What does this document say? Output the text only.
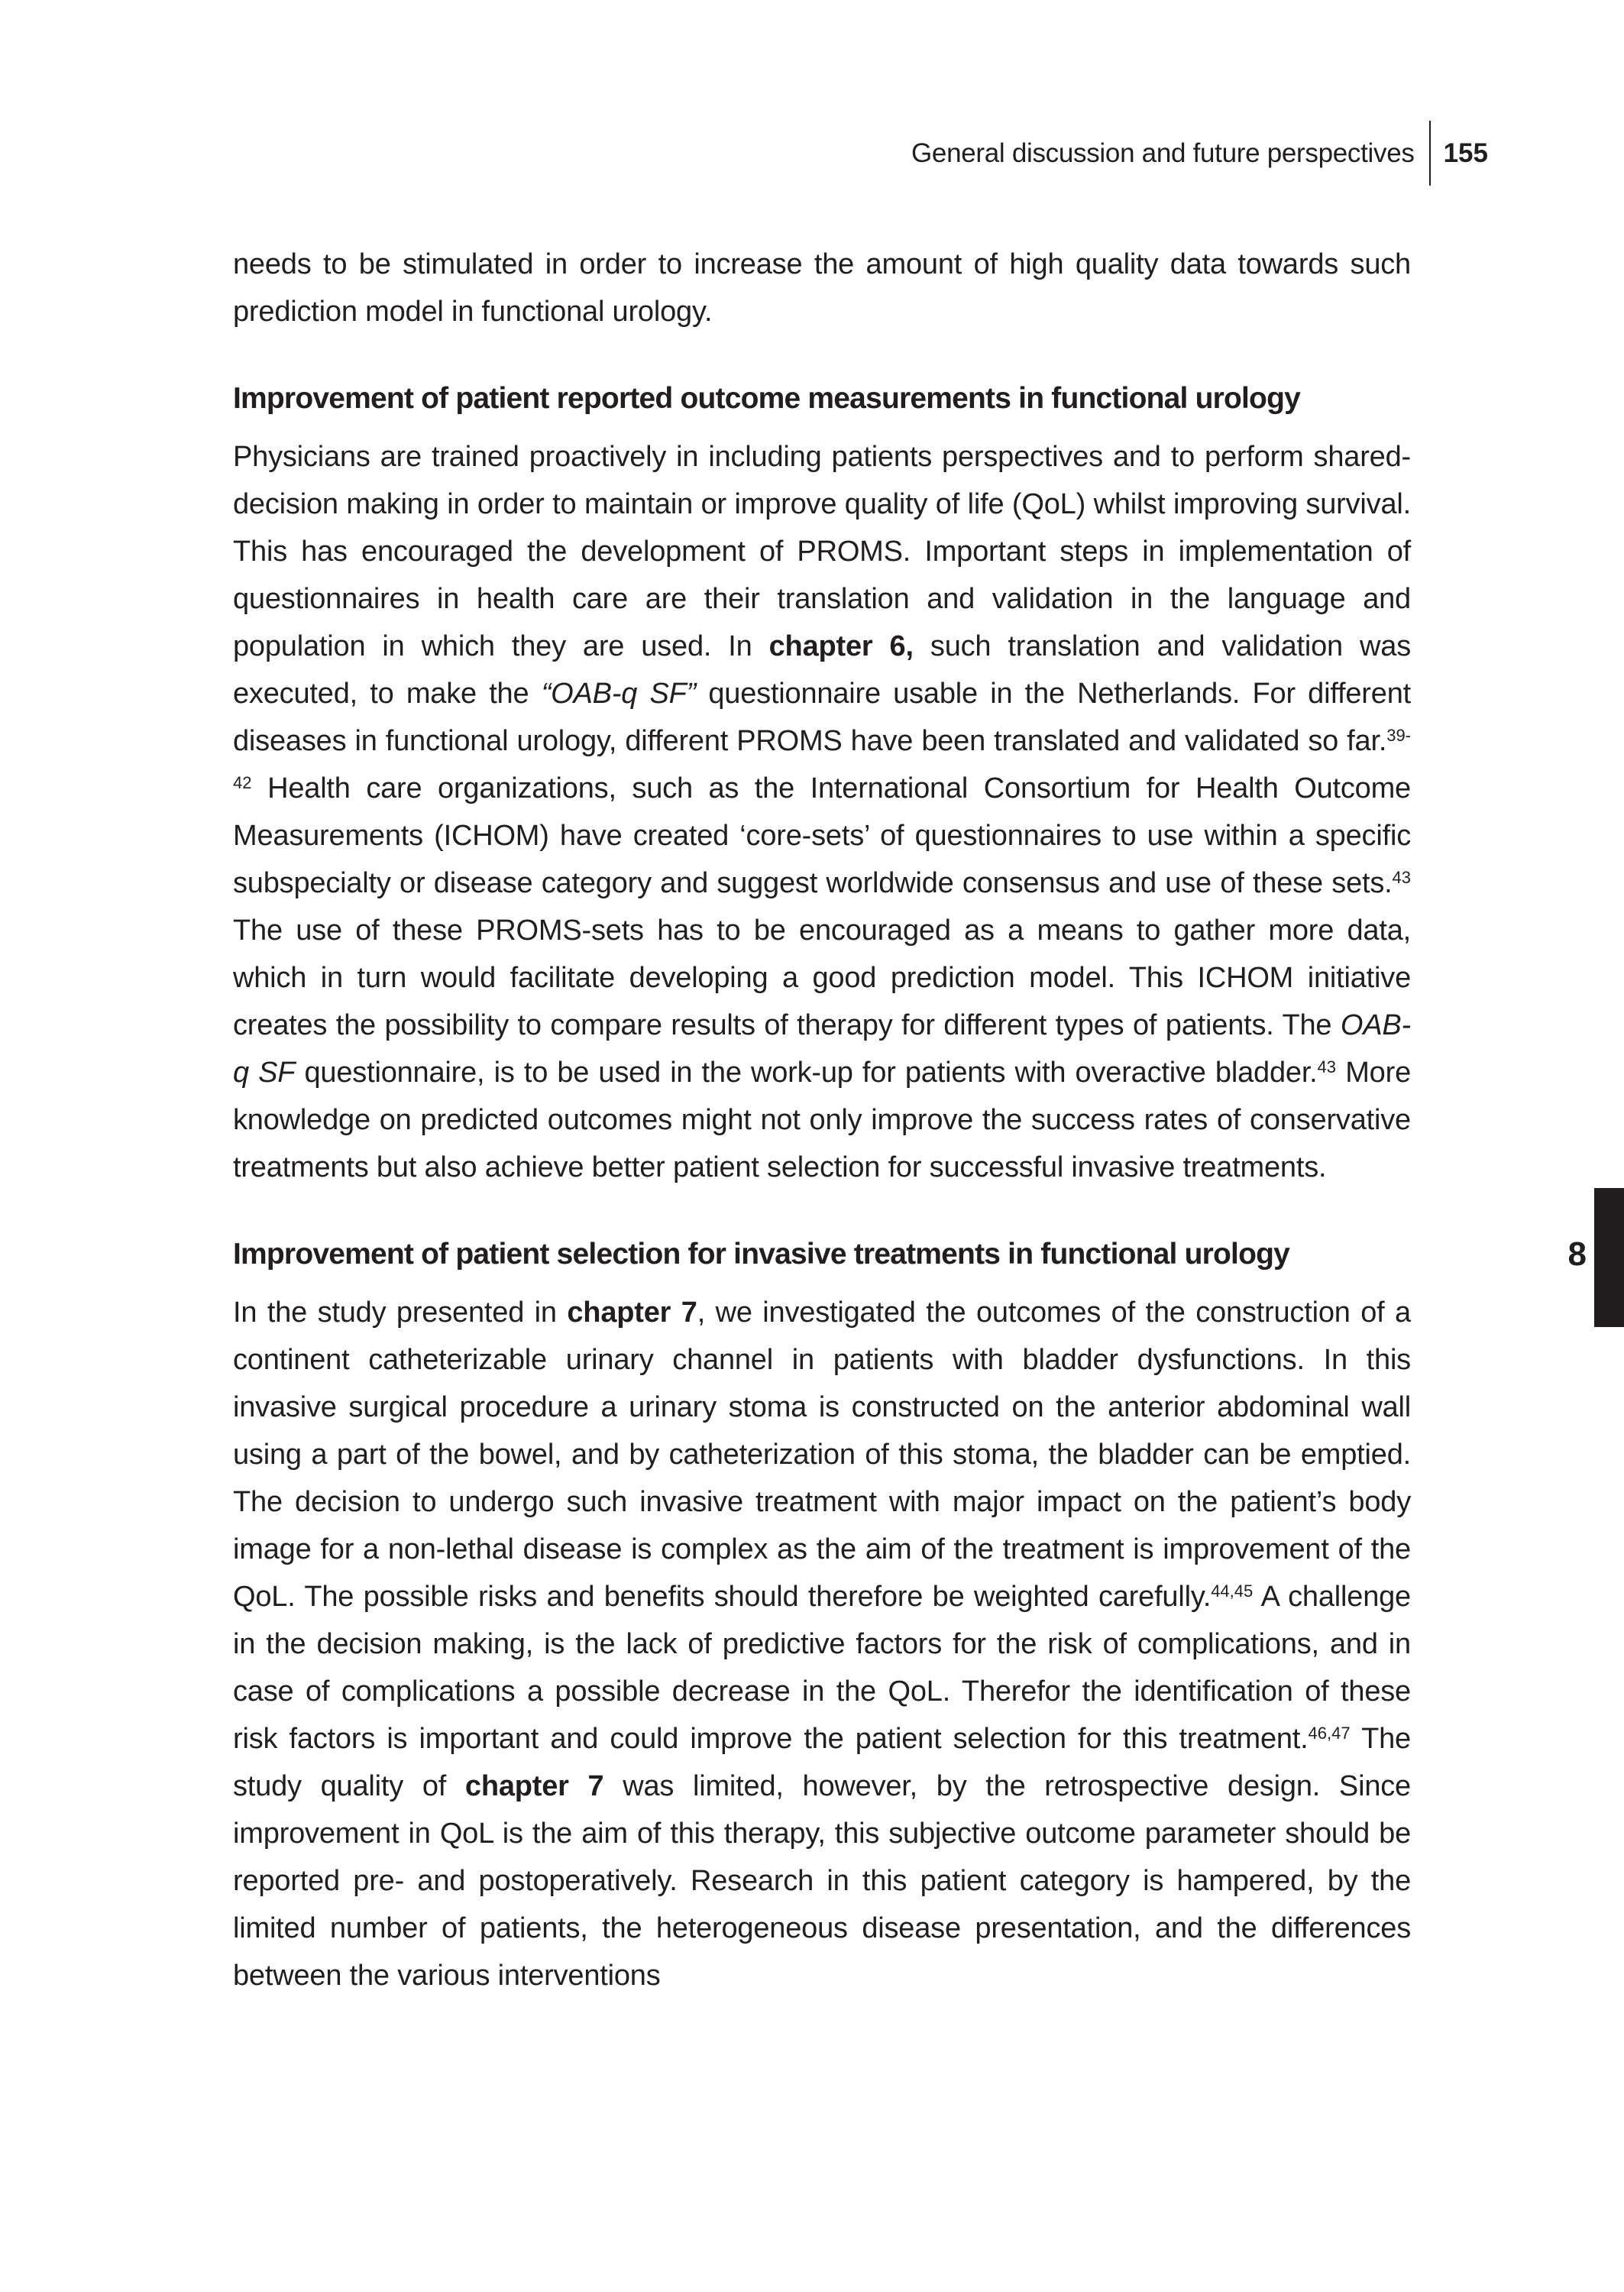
General discussion and future perspectives	155

needs to be stimulated in order to increase the amount of high quality data towards such prediction model in functional urology.

Improvement of patient reported outcome measurements in functional urology

Physicians are trained proactively in including patients perspectives and to perform shared-decision making in order to maintain or improve quality of life (QoL) whilst improving survival. This has encouraged the development of PROMS. Important steps in implementation of questionnaires in health care are their translation and validation in the language and population in which they are used. In chapter 6, such translation and validation was executed, to make the “OAB-q SF” questionnaire usable in the Netherlands. For different diseases in functional urology, different PROMS have been translated and validated so far.$^{39-42}$ Health care organizations, such as the International Consortium for Health Outcome Measurements (ICHOM) have created ‘core-sets’ of questionnaires to use within a specific subspecialty or disease category and suggest worldwide consensus and use of these sets.$^{43}$ The use of these PROMS-sets has to be encouraged as a means to gather more data, which in turn would facilitate developing a good prediction model. This ICHOM initiative creates the possibility to compare results of therapy for different types of patients. The OAB-q SF questionnaire, is to be used in the work-up for patients with overactive bladder.$^{43}$ More knowledge on predicted outcomes might not only improve the success rates of conservative treatments but also achieve better patient selection for successful invasive treatments.

Improvement of patient selection for invasive treatments in functional urology

In the study presented in chapter 7, we investigated the outcomes of the construction of a continent catheterizable urinary channel in patients with bladder dysfunctions. In this invasive surgical procedure a urinary stoma is constructed on the anterior abdominal wall using a part of the bowel, and by catheterization of this stoma, the bladder can be emptied. The decision to undergo such invasive treatment with major impact on the patient’s body image for a non-lethal disease is complex as the aim of the treatment is improvement of the QoL. The possible risks and benefits should therefore be weighted carefully.$^{44,45}$ A challenge in the decision making, is the lack of predictive factors for the risk of complications, and in case of complications a possible decrease in the QoL. Therefor the identification of these risk factors is important and could improve the patient selection for this treatment.$^{46,47}$ The study quality of chapter 7 was limited, however, by the retrospective design. Since improvement in QoL is the aim of this therapy, this subjective outcome parameter should be reported pre- and postoperatively. Research in this patient category is hampered, by the limited number of patients, the heterogeneous disease presentation, and the differences between the various interventions

8
